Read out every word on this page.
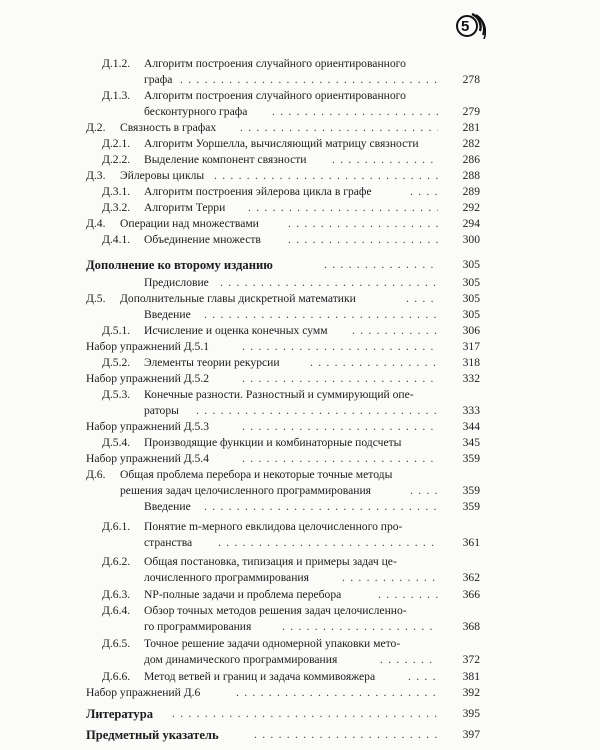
5
Д.1.2. Алгоритм построения случайного ориентированного
графа . . .	278
Д.1.3. Алгоритм построения случайного ориентированного
бесконтурного графа . . .	279
Д.2. Связность в графах . . .	281
Д.2.1. Алгоритм Уоршелла, вычисляющий матрицу связности	282
Д.2.2. Выделение компонент связности . . .	286
Д.3. Эйлеровы циклы . . .	288
Д.3.1. Алгоритм построения эйлерова цикла в графе . . .	289
Д.3.2. Алгоритм Терри . . .	292
Д.4. Операции над множествами . . .	294
Д.4.1. Объединение множеств . . .	300
Дополнение ко второму изданию . . .	305
Предисловие . . .	305
Д.5. Дополнительные главы дискретной математики . . .	305
Введение . . .	305
Д.5.1. Исчисление и оценка конечных сумм . . .	306
Набор упражнений Д.5.1 . . .	317
Д.5.2. Элементы теории рекурсии . . .	318
Набор упражнений Д.5.2 . . .	332
Д.5.3. Конечные разности. Разностный и суммирующий опе-
раторы . . .	333
Набор упражнений Д.5.3 . . .	344
Д.5.4. Производящие функции и комбинаторные подсчеты	345
Набор упражнений Д.5.4 . . .	359
Д.6. Общая проблема перебора и некоторые точные методы
решения задач целочисленного программирования . . .	359
Введение . . .	359
Д.6.1. Понятие m-мерного евклидова целочисленного про-
странства . . .	361
Д.6.2. Общая постановка, типизация и примеры задач це-
лочисленного программирования . . .	362
Д.6.3. NP-полные задачи и проблема перебора . . .	366
Д.6.4. Обзор точных методов решения задач целочисленно-
го программирования . . .	368
Д.6.5. Точное решение задачи одномерной упаковки мето-
дом динамического программирования . . .	372
Д.6.6. Метод ветвей и границ и задача коммивояжера . . .	381
Набор упражнений Д.6 . . .	392
Литература . . .	395
Предметный указатель . . .	397
